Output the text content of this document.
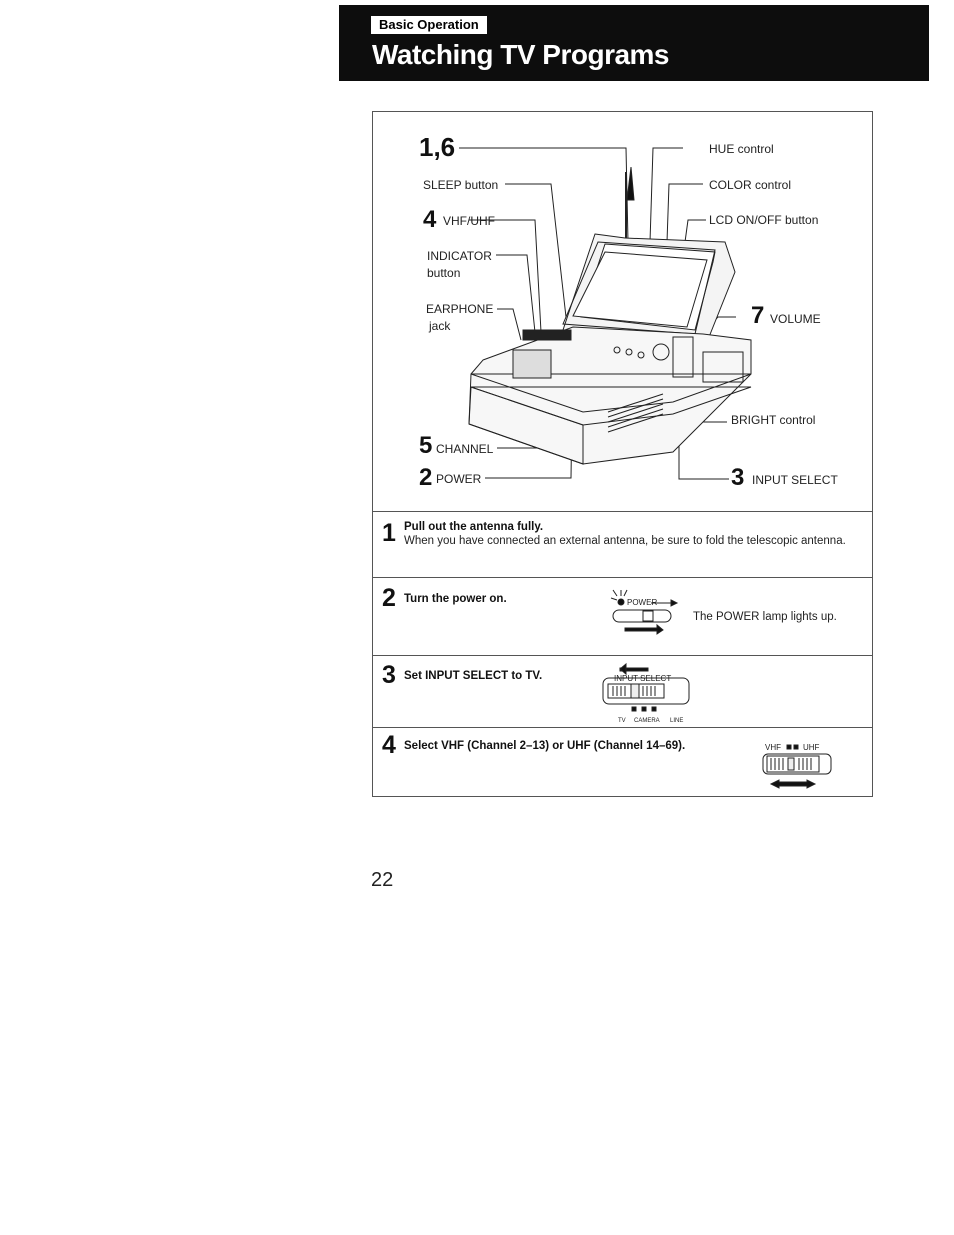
Basic Operation
Watching TV Programs
1,6	HUE control
SLEEP button	COLOR control
4 VHF/UHF	LCD ON/OFF button
INDICATOR
button
EARPHONE
jack	7 VOLUME
BRIGHT control
5 CHANNEL
2 POWER	3 INPUT SELECT
1 Pull out the antenna fully.
When you have connected an external antenna, be sure to fold the telescopic antenna.
2 Turn the power on.	POWER
The POWER lamp lights up.
3 Set INPUT SELECT to TV.	INPUT SELECT
TV CAMERA LINE
4 Select VHF (Channel 2–13) or UHF (Channel 14–69).	VHF	UHF
22
